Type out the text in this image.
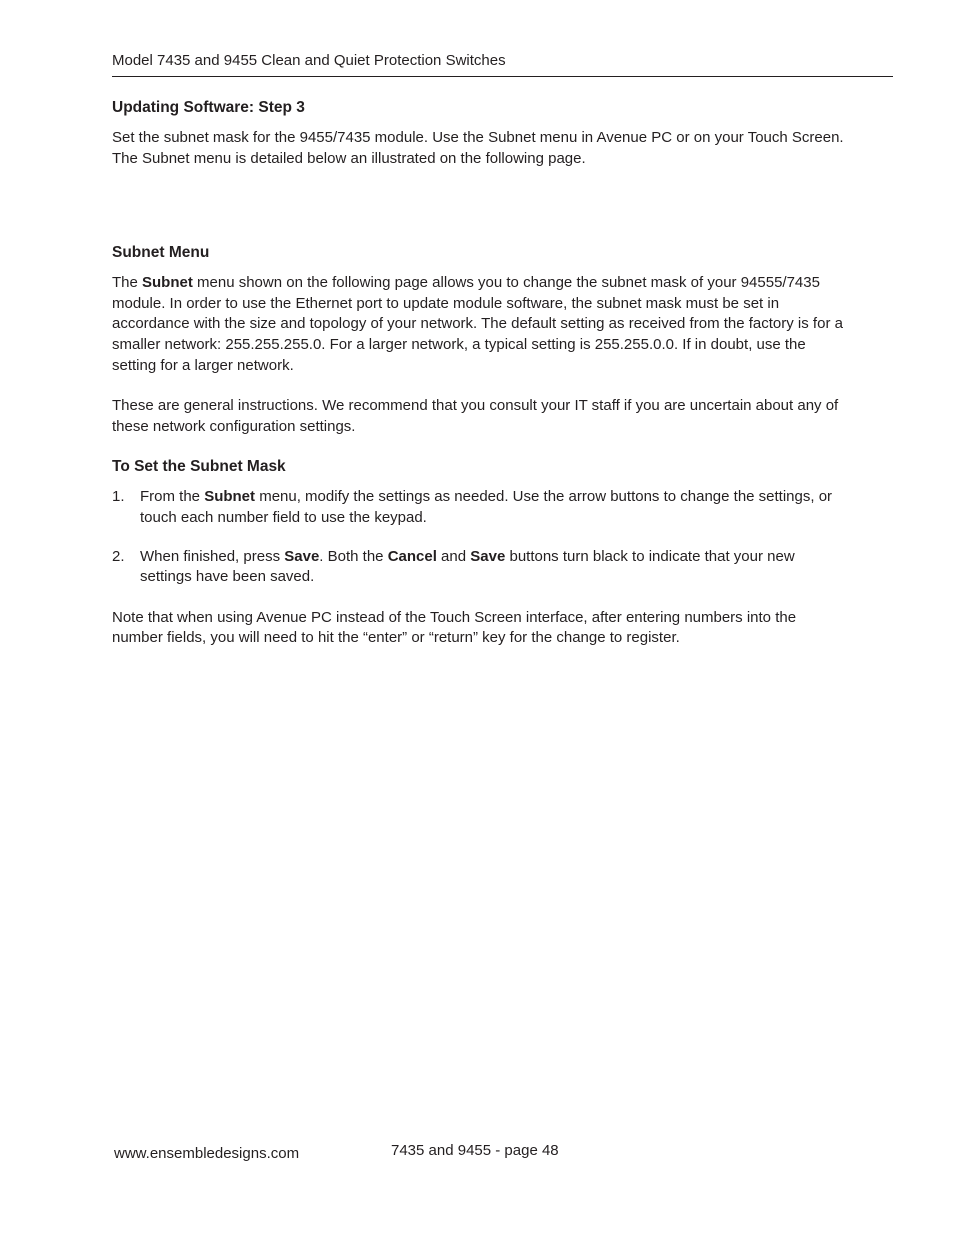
Model 7435 and 9455 Clean and Quiet Protection Switches
Updating Software: Step 3

Set the subnet mask for the 9455/7435 module. Use the Subnet menu in Avenue PC or on your Touch Screen. The Subnet menu is detailed below an illustrated on the following page.

Subnet Menu

The Subnet menu shown on the following page allows you to change the subnet mask of your 94555/7435 module. In order to use the Ethernet port to update module software, the subnet mask must be set in accordance with the size and topology of your network. The default setting as received from the factory is for a smaller network: 255.255.255.0. For a larger network, a typical setting is 255.255.0.0. If in doubt, use the setting for a larger network.

These are general instructions. We recommend that you consult your IT staff if you are uncertain about any of these network configuration settings.

To Set the Subnet Mask
1.	From the Subnet menu, modify the settings as needed. Use the arrow buttons to change the settings, or touch each number field to use the keypad.
2.	When finished, press Save. Both the Cancel and Save buttons turn black to indicate that your new settings have been saved.

Note that when using Avenue PC instead of the Touch Screen interface, after entering numbers into the number fields, you will need to hit the “enter” or “return” key for the change to register.

www.ensembledesigns.com	7435 and 9455 - page 48
